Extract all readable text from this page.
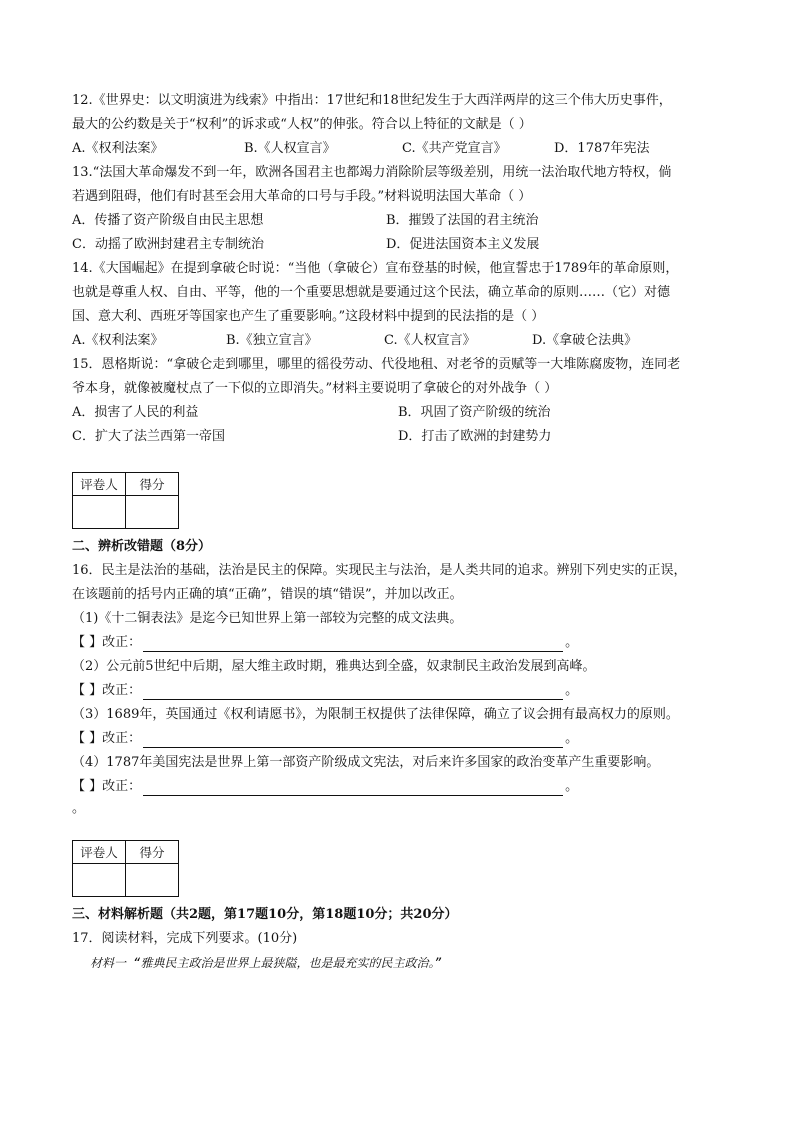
12.《世界史：以文明演进为线索》中指出：17世纪和18世纪发生于大西洋两岸的这三个伟大历史事件，
最大的公约数是关于“权利”的诉求或“人权”的伸张。符合以上特征的文献是（ ）
A.《权利法案》	B.《人权宣言》	C.《共产党宣言》	D．1787年宪法
13.“法国大革命爆发不到一年，欧洲各国君主也都竭力消除阶层等级差别，用统一法治取代地方特权，倘
若遇到阻碍，他们有时甚至会用大革命的口号与手段。”材料说明法国大革命（ ）
A．传播了资产阶级自由民主思想	B．摧毁了法国的君主统治
C．动摇了欧洲封建君主专制统治	D．促进法国资本主义发展
14.《大国崛起》在提到拿破仑时说：“当他（拿破仑）宣布登基的时候，他宣誓忠于1789年的革命原则，
也就是尊重人权、自由、平等，他的一个重要思想就是要通过这个民法，确立革命的原则……（它）对德
国、意大利、西班牙等国家也产生了重要影响。”这段材料中提到的民法指的是（ ）
A.《权利法案》	B.《独立宣言》	C.《人权宣言》	D.《拿破仑法典》
15．恩格斯说：“拿破仑走到哪里，哪里的徭役劳动、代役地租、对老爷的贡赋等一大堆陈腐废物，连同老
爷本身，就像被魔杖点了一下似的立即消失。”材料主要说明了拿破仑的对外战争（ ）
A．损害了人民的利益	B．巩固了资产阶级的统治
C．扩大了法兰西第一帝国	D．打击了欧洲的封建势力
评卷人	得分

二、辨析改错题（8分）
16．民主是法治的基础，法治是民主的保障。实现民主与法治，是人类共同的追求。辨别下列史实的正误，
在该题前的括号内正确的填“正确”，错误的填“错误”，并加以改正。
（1)《十二铜表法》是迄今已知世界上第一部较为完整的成文法典。
【 】改正：	。
（2）公元前5世纪中后期，屋大维主政时期，雅典达到全盛，奴隶制民主政治发展到高峰。
【 】改正：	。
（3）1689年，英国通过《权利请愿书》，为限制王权提供了法律保障，确立了议会拥有最高权力的原则。
【 】改正：	。
（4）1787年美国宪法是世界上第一部资产阶级成文宪法，对后来许多国家的政治变革产生重要影响。
【 】改正：	。
。
评卷人	得分

三、材料解析题（共2题，第17题10分，第18题10分；共20分）
17．阅读材料，完成下列要求。(10分)
材料一 “雅典民主政治是世界上最狭隘，也是最充实的民主政治。”
